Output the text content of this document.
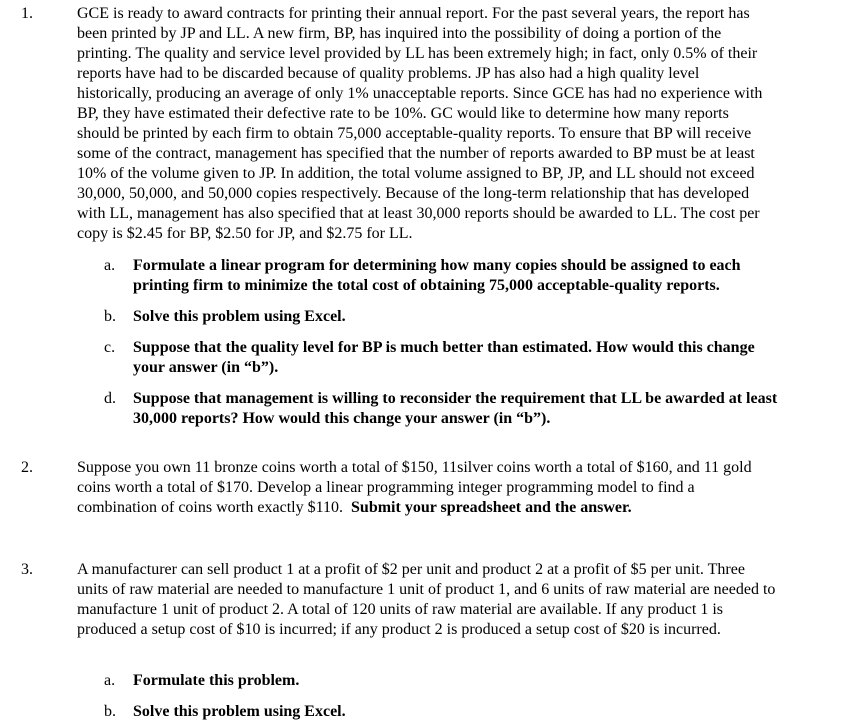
1.	GCE is ready to award contracts for printing their annual report. For the past several years, the report has
been printed by JP and LL. A new firm, BP, has inquired into the possibility of doing a portion of the
printing. The quality and service level provided by LL has been extremely high; in fact, only 0.5% of their
reports have had to be discarded because of quality problems. JP has also had a high quality level
historically, producing an average of only 1% unacceptable reports. Since GCE has had no experience with
BP, they have estimated their defective rate to be 10%. GC would like to determine how many reports
should be printed by each firm to obtain 75,000 acceptable-quality reports. To ensure that BP will receive
some of the contract, management has specified that the number of reports awarded to BP must be at least
10% of the volume given to JP. In addition, the total volume assigned to BP, JP, and LL should not exceed
30,000, 50,000, and 50,000 copies respectively. Because of the long-term relationship that has developed
with LL, management has also specified that at least 30,000 reports should be awarded to LL. The cost per
copy is $2.45 for BP, $2.50 for JP, and $2.75 for LL.
a. Formulate a linear program for determining how many copies should be assigned to each
printing firm to minimize the total cost of obtaining 75,000 acceptable-quality reports.
b. Solve this problem using Excel.
c. Suppose that the quality level for BP is much better than estimated. How would this change
your answer (in “b”).
d. Suppose that management is willing to reconsider the requirement that LL be awarded at least
30,000 reports? How would this change your answer (in “b”).
2.	Suppose you own 11 bronze coins worth a total of $150, 11silver coins worth a total of $160, and 11 gold
coins worth a total of $170. Develop a linear programming integer programming model to find a
combination of coins worth exactly $110.  Submit your spreadsheet and the answer.
3.	A manufacturer can sell product 1 at a profit of $2 per unit and product 2 at a profit of $5 per unit. Three
units of raw material are needed to manufacture 1 unit of product 1, and 6 units of raw material are needed to
manufacture 1 unit of product 2. A total of 120 units of raw material are available. If any product 1 is
produced a setup cost of $10 is incurred; if any product 2 is produced a setup cost of $20 is incurred.
a. Formulate this problem.
b. Solve this problem using Excel.
